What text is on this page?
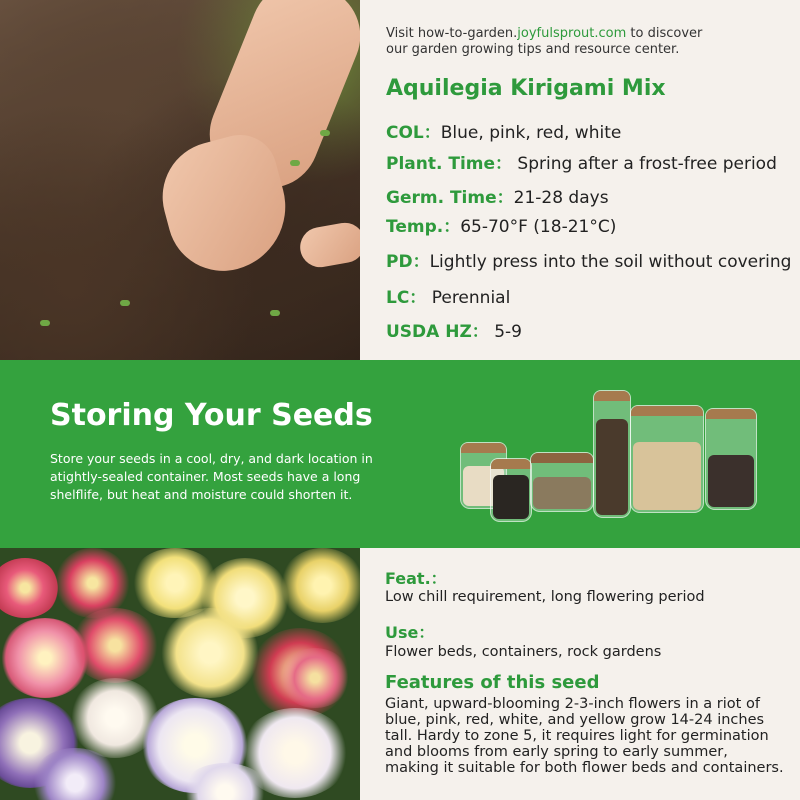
Visit how-to-garden.joyfulsprout.com to discover
our garden growing tips and resource center.
Aquilegia Kirigami Mix
COL：Blue, pink, red, white
Plant. Time： Spring after a frost-free period
Germ. Time：21-28 days
Temp.：65-70°F (18-21°C)
PD：Lightly press into the soil without covering
LC： Perennial
USDA HZ： 5-9
Storing Your Seeds
Store your seeds in a cool, dry, and dark location in atightly-sealed container. Most seeds have a long shelflife, but heat and moisture could shorten it.
Feat.：
Low chill requirement, long flowering period
Use：
Flower beds, containers, rock gardens
Features of this seed
Giant, upward-blooming 2-3-inch flowers in a riot of blue, pink, red, white, and yellow grow 14-24 inches tall. Hardy to zone 5, it requires light for germination and blooms from early spring to early summer, making it suitable for both flower beds and containers.
